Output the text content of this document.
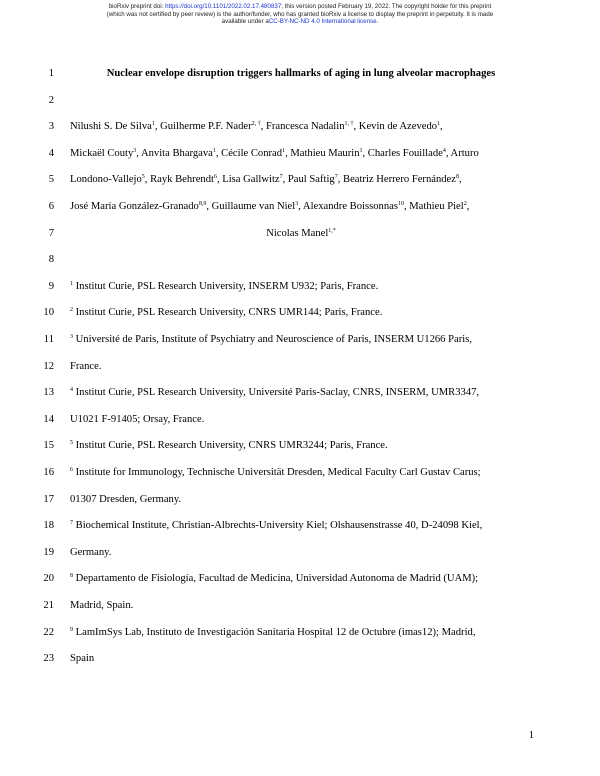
bioRxiv preprint doi: https://doi.org/10.1101/2022.02.17.480837; this version posted February 19, 2022. The copyright holder for this preprint
(which was not certified by peer review) is the author/funder, who has granted bioRxiv a license to display the preprint in perpetuity. It is made
available under aCC-BY-NC-ND 4.0 International license.
1	Nuclear envelope disruption triggers hallmarks of aging in lung alveolar macrophages
2
3 Nilushi S. De Silva$^1$, Guilherme P.F. Nader$^{2, \dagger}$, Francesca Nadalin$^{1, \dagger}$, Kevin de Azevedo$^1$,
4 Mickaël Couty$^3$, Anvita Bhargava$^1$, Cécile Conrad$^1$, Mathieu Maurin$^1$, Charles Fouillade$^4$, Arturo
5 Londono-Vallejo$^5$, Rayk Behrendt$^6$, Lisa Gallwitz$^7$, Paul Saftig$^7$, Beatriz Herrero Fernández$^8$,
6 José María González-Granado$^{8,9}$, Guillaume van Niel$^3$, Alexandre Boissonnas$^{10}$, Mathieu Piel$^2$,
7	Nicolas Manel$^{1,*}$
8
9	$^1$ Institut Curie, PSL Research University, INSERM U932; Paris, France.
10	$^2$ Institut Curie, PSL Research University, CNRS UMR144; Paris, France.
11	$^3$ Université de Paris, Institute of Psychiatry and Neuroscience of Paris, INSERM U1266 Paris,
12 France.
13	$^4$ Institut Curie, PSL Research University, Université Paris-Saclay, CNRS, INSERM, UMR3347,
14 U1021 F-91405; Orsay, France.
15	$^5$ Institut Curie, PSL Research University, CNRS UMR3244; Paris, France.
16	$^6$ Institute for Immunology, Technische Universität Dresden, Medical Faculty Carl Gustav Carus;
17 01307 Dresden, Germany.
18	$^7$ Biochemical Institute, Christian-Albrechts-University Kiel; Olshausenstrasse 40, D-24098 Kiel,
19 Germany.
20	$^8$ Departamento de Fisiología, Facultad de Medicina, Universidad Autonoma de Madrid (UAM);
21 Madrid, Spain.
22	$^9$ LamImSys Lab, Instituto de Investigación Sanitaria Hospital 12 de Octubre (imas12); Madrid,
23 Spain
1
